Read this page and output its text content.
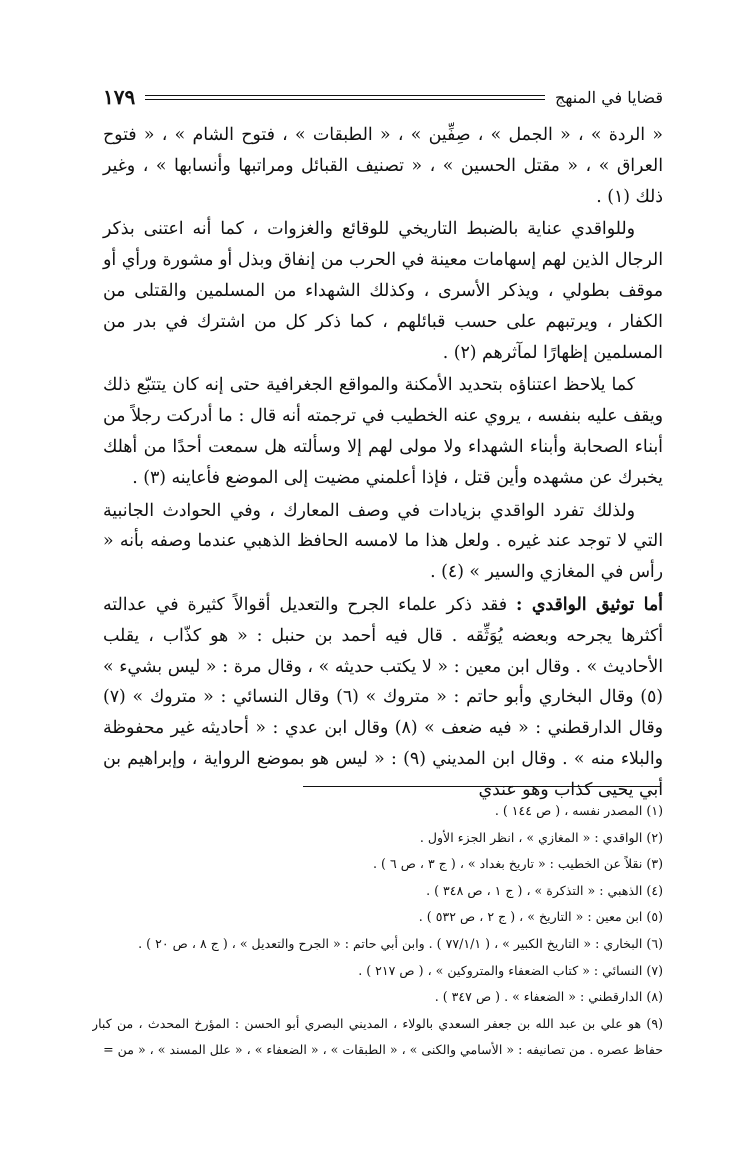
قضايا في المنهج
١٧٩

« الردة » ، « الجمل » ، صِفِّين » ، « الطبقات » ، فتوح الشام » ، « فتوح العراق » ، « مقتل الحسين » ، « تصنيف القبائل ومراتبها وأنسابها » ، وغير ذلك (١) .

وللواقدي عناية بالضبط التاريخي للوقائع والغزوات ، كما أنه اعتنى بذكر الرجال الذين لهم إسهامات معينة في الحرب من إنفاق وبذل أو مشورة ورأي أو موقف بطولي ، ويذكر الأسرى ، وكذلك الشهداء من المسلمين والقتلى من الكفار ، ويرتبهم على حسب قبائلهم ، كما ذكر كل من اشترك في بدر من المسلمين إظهارًا لمآثرهم (٢) .

كما يلاحظ اعتناؤه بتحديد الأمكنة والمواقع الجغرافية حتى إنه كان يتتبّع ذلك ويقف عليه بنفسه ، يروي عنه الخطيب في ترجمته أنه قال : ما أدركت رجلاً من أبناء الصحابة وأبناء الشهداء ولا مولى لهم إلا وسألته هل سمعت أحدًا من أهلك يخبرك عن مشهده وأين قتل ، فإذا أعلمني مضيت إلى الموضع فأعاينه (٣) .

ولذلك تفرد الواقدي بزيادات في وصف المعارك ، وفي الحوادث الجانبية التي لا توجد عند غيره . ولعل هذا ما لامسه الحافظ الذهبي عندما وصفه بأنه « رأس في المغازي والسير » (٤) .

أما توثيق الواقدي : فقد ذكر علماء الجرح والتعديل أقوالاً كثيرة في عدالته أكثرها يجرحه وبعضه يُوَثِّقه . قال فيه أحمد بن حنبل : « هو كذّاب ، يقلب الأحاديث » . وقال ابن معين : « لا يكتب حديثه » ، وقال مرة : « ليس بشيء » (٥) وقال البخاري وأبو حاتم : « متروك » (٦) وقال النسائي : « متروك » (٧) وقال الدارقطني : « فيه ضعف » (٨) وقال ابن عدي : « أحاديثه غير محفوظة والبلاء منه » . وقال ابن المديني (٩) : « ليس هو بموضع الرواية ، وإبراهيم بن أبي يحيى كذاب وهو عندي

(١) المصدر نفسه ، ( ص ١٤٤ ) .
(٢) الواقدي : « المغازي » ، انظر الجزء الأول .
(٣) نقلاً عن الخطيب : « تاريخ بغداد » ، ( ج ٣ ، ص ٦ ) .
(٤) الذهبي : « التذكرة » ، ( ج ١ ، ص ٣٤٨ ) .
(٥) ابن معين : « التاريخ » ، ( ج ٢ ، ص ٥٣٢ ) .
(٦) البخاري : « التاريخ الكبير » ، ( ٧٧/١/١ ) . وابن أبي حاتم : « الجرح والتعديل » ، ( ج ٨ ، ص ٢٠ ) .
(٧) النسائي : « كتاب الضعفاء والمتروكين » ، ( ص ٢١٧ ) .
(٨) الدارقطني : « الضعفاء » . ( ص ٣٤٧ ) .
(٩) هو علي بن عبد الله بن جعفر السعدي بالولاء ، المديني البصري أبو الحسن : المؤرخ المحدث ، من كبار حفاظ عصره . من تصانيفه : « الأسامي والكنى » ، « الطبقات » ، « الضعفاء » ، « علل المسند » ، « من =
